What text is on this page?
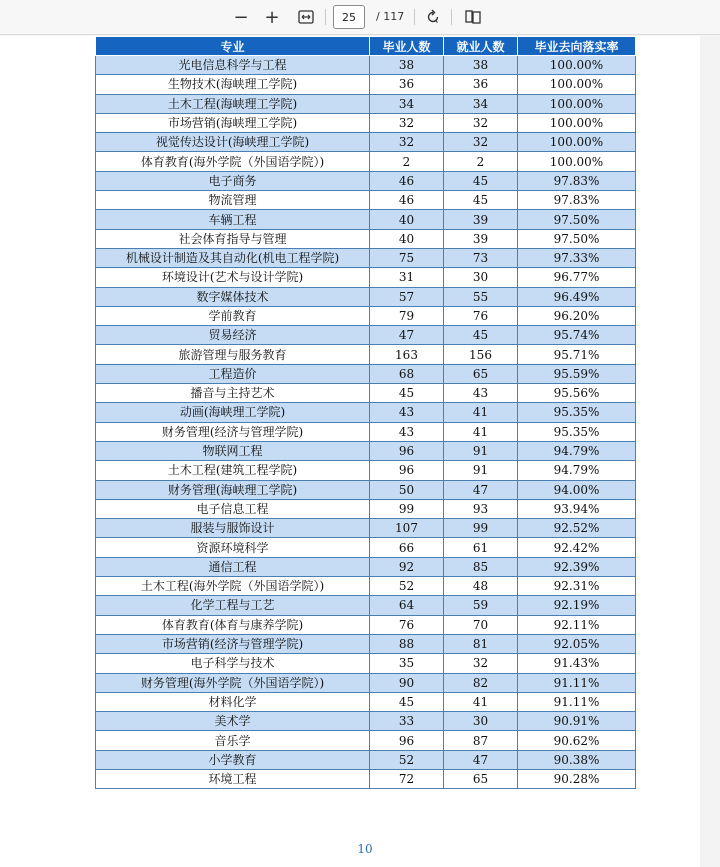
− +
25	/ 117
专业	毕业人数	就业人数	毕业去向落实率
光电信息科学与工程	38	38	100.00%
生物技术(海峡理工学院)	36	36	100.00%
土木工程(海峡理工学院)	34	34	100.00%
市场营销(海峡理工学院)	32	32	100.00%
视觉传达设计(海峡理工学院)	32	32	100.00%
体育教育(海外学院（外国语学院）)	2	2	100.00%
电子商务	46	45	97.83%
物流管理	46	45	97.83%
车辆工程	40	39	97.50%
社会体育指导与管理	40	39	97.50%
机械设计制造及其自动化(机电工程学院)	75	73	97.33%
环境设计(艺术与设计学院)	31	30	96.77%
数字媒体技术	57	55	96.49%
学前教育	79	76	96.20%
贸易经济	47	45	95.74%
旅游管理与服务教育	163	156	95.71%
工程造价	68	65	95.59%
播音与主持艺术	45	43	95.56%
动画(海峡理工学院)	43	41	95.35%
财务管理(经济与管理学院)	43	41	95.35%
物联网工程	96	91	94.79%
土木工程(建筑工程学院)	96	91	94.79%
财务管理(海峡理工学院)	50	47	94.00%
电子信息工程	99	93	93.94%
服装与服饰设计	107	99	92.52%
资源环境科学	66	61	92.42%
通信工程	92	85	92.39%
土木工程(海外学院（外国语学院）)	52	48	92.31%
化学工程与工艺	64	59	92.19%
体育教育(体育与康养学院)	76	70	92.11%
市场营销(经济与管理学院)	88	81	92.05%
电子科学与技术	35	32	91.43%
财务管理(海外学院（外国语学院）)	90	82	91.11%
材料化学	45	41	91.11%
美术学	33	30	90.91%
音乐学	96	87	90.62%
小学教育	52	47	90.38%
环境工程	72	65	90.28%
10
